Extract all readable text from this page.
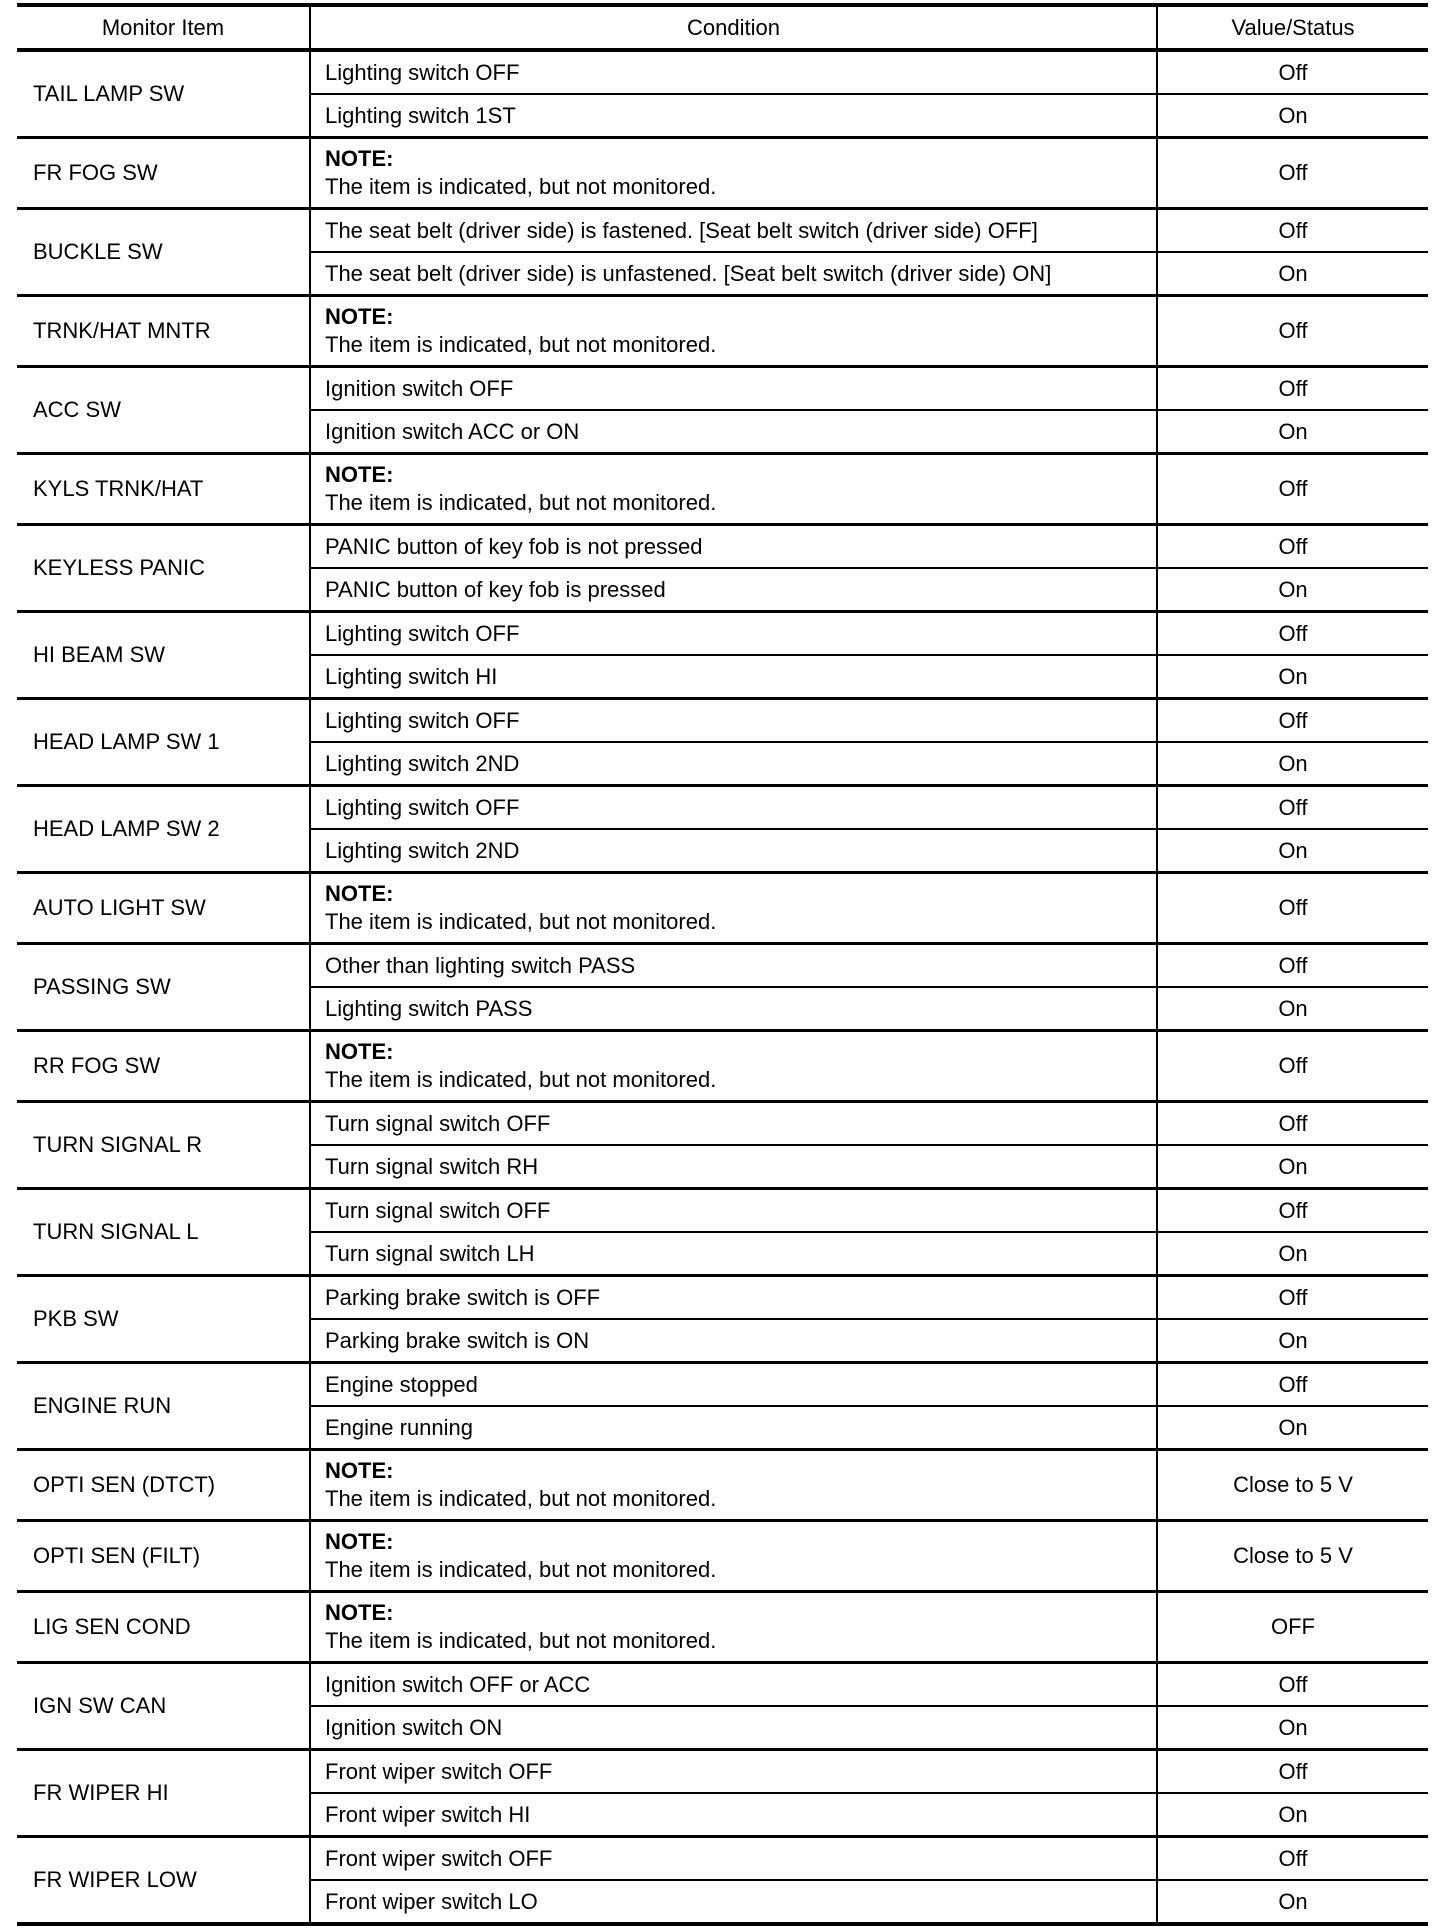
Monitor Item	Condition	Value/Status
TAIL LAMP SW	Lighting switch OFF	Off
	Lighting switch 1ST	On
FR FOG SW	NOTE:
The item is indicated, but not monitored.	Off
BUCKLE SW	The seat belt (driver side) is fastened. [Seat belt switch (driver side) OFF]	Off
	The seat belt (driver side) is unfastened. [Seat belt switch (driver side) ON]	On
TRNK/HAT MNTR	NOTE:
The item is indicated, but not monitored.	Off
ACC SW	Ignition switch OFF	Off
	Ignition switch ACC or ON	On
KYLS TRNK/HAT	NOTE:
The item is indicated, but not monitored.	Off
KEYLESS PANIC	PANIC button of key fob is not pressed	Off
	PANIC button of key fob is pressed	On
HI BEAM SW	Lighting switch OFF	Off
	Lighting switch HI	On
HEAD LAMP SW 1	Lighting switch OFF	Off
	Lighting switch 2ND	On
HEAD LAMP SW 2	Lighting switch OFF	Off
	Lighting switch 2ND	On
AUTO LIGHT SW	NOTE:
The item is indicated, but not monitored.	Off
PASSING SW	Other than lighting switch PASS	Off
	Lighting switch PASS	On
RR FOG SW	NOTE:
The item is indicated, but not monitored.	Off
TURN SIGNAL R	Turn signal switch OFF	Off
	Turn signal switch RH	On
TURN SIGNAL L	Turn signal switch OFF	Off
	Turn signal switch LH	On
PKB SW	Parking brake switch is OFF	Off
	Parking brake switch is ON	On
ENGINE RUN	Engine stopped	Off
	Engine running	On
OPTI SEN (DTCT)	NOTE:
The item is indicated, but not monitored.	Close to 5 V
OPTI SEN (FILT)	NOTE:
The item is indicated, but not monitored.	Close to 5 V
LIG SEN COND	NOTE:
The item is indicated, but not monitored.	OFF
IGN SW CAN	Ignition switch OFF or ACC	Off
	Ignition switch ON	On
FR WIPER HI	Front wiper switch OFF	Off
	Front wiper switch HI	On
FR WIPER LOW	Front wiper switch OFF	Off
	Front wiper switch LO	On
